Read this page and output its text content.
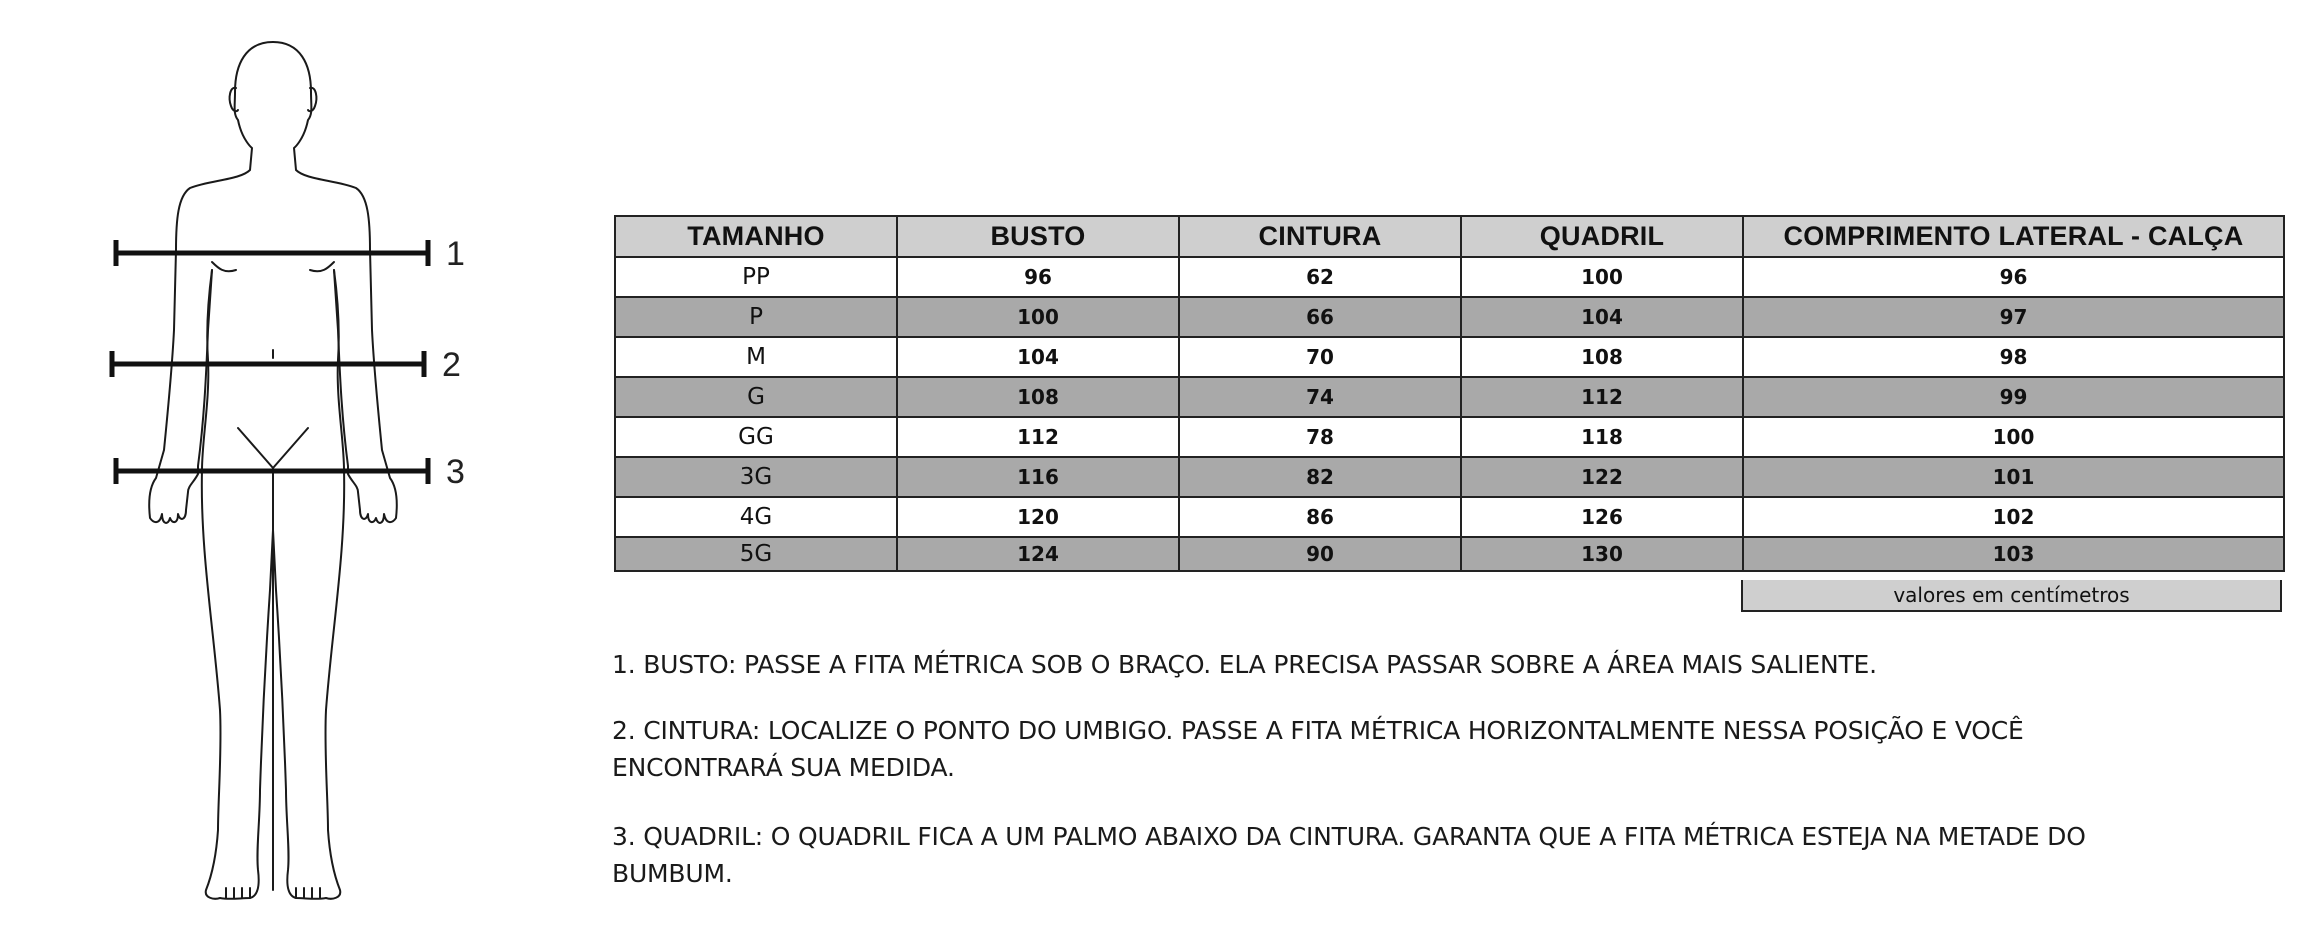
1
2
3
TAMANHO	BUSTO	CINTURA	QUADRIL	COMPRIMENTO LATERAL - CALÇA
PP	96	62	100	96
P	100	66	104	97
M	104	70	108	98
G	108	74	112	99
GG	112	78	118	100
3G	116	82	122	101
4G	120	86	126	102
5G	124	90	130	103
valores em centímetros

1. BUSTO: PASSE A FITA MÉTRICA SOB O BRAÇO. ELA PRECISA PASSAR SOBRE A ÁREA MAIS SALIENTE.

2. CINTURA: LOCALIZE O PONTO DO UMBIGO. PASSE A FITA MÉTRICA HORIZONTALMENTE NESSA POSIÇÃO E VOCÊ ENCONTRARÁ SUA MEDIDA.

3. QUADRIL: O QUADRIL FICA A UM PALMO ABAIXO DA CINTURA. GARANTA QUE A FITA MÉTRICA ESTEJA NA METADE DO BUMBUM.
